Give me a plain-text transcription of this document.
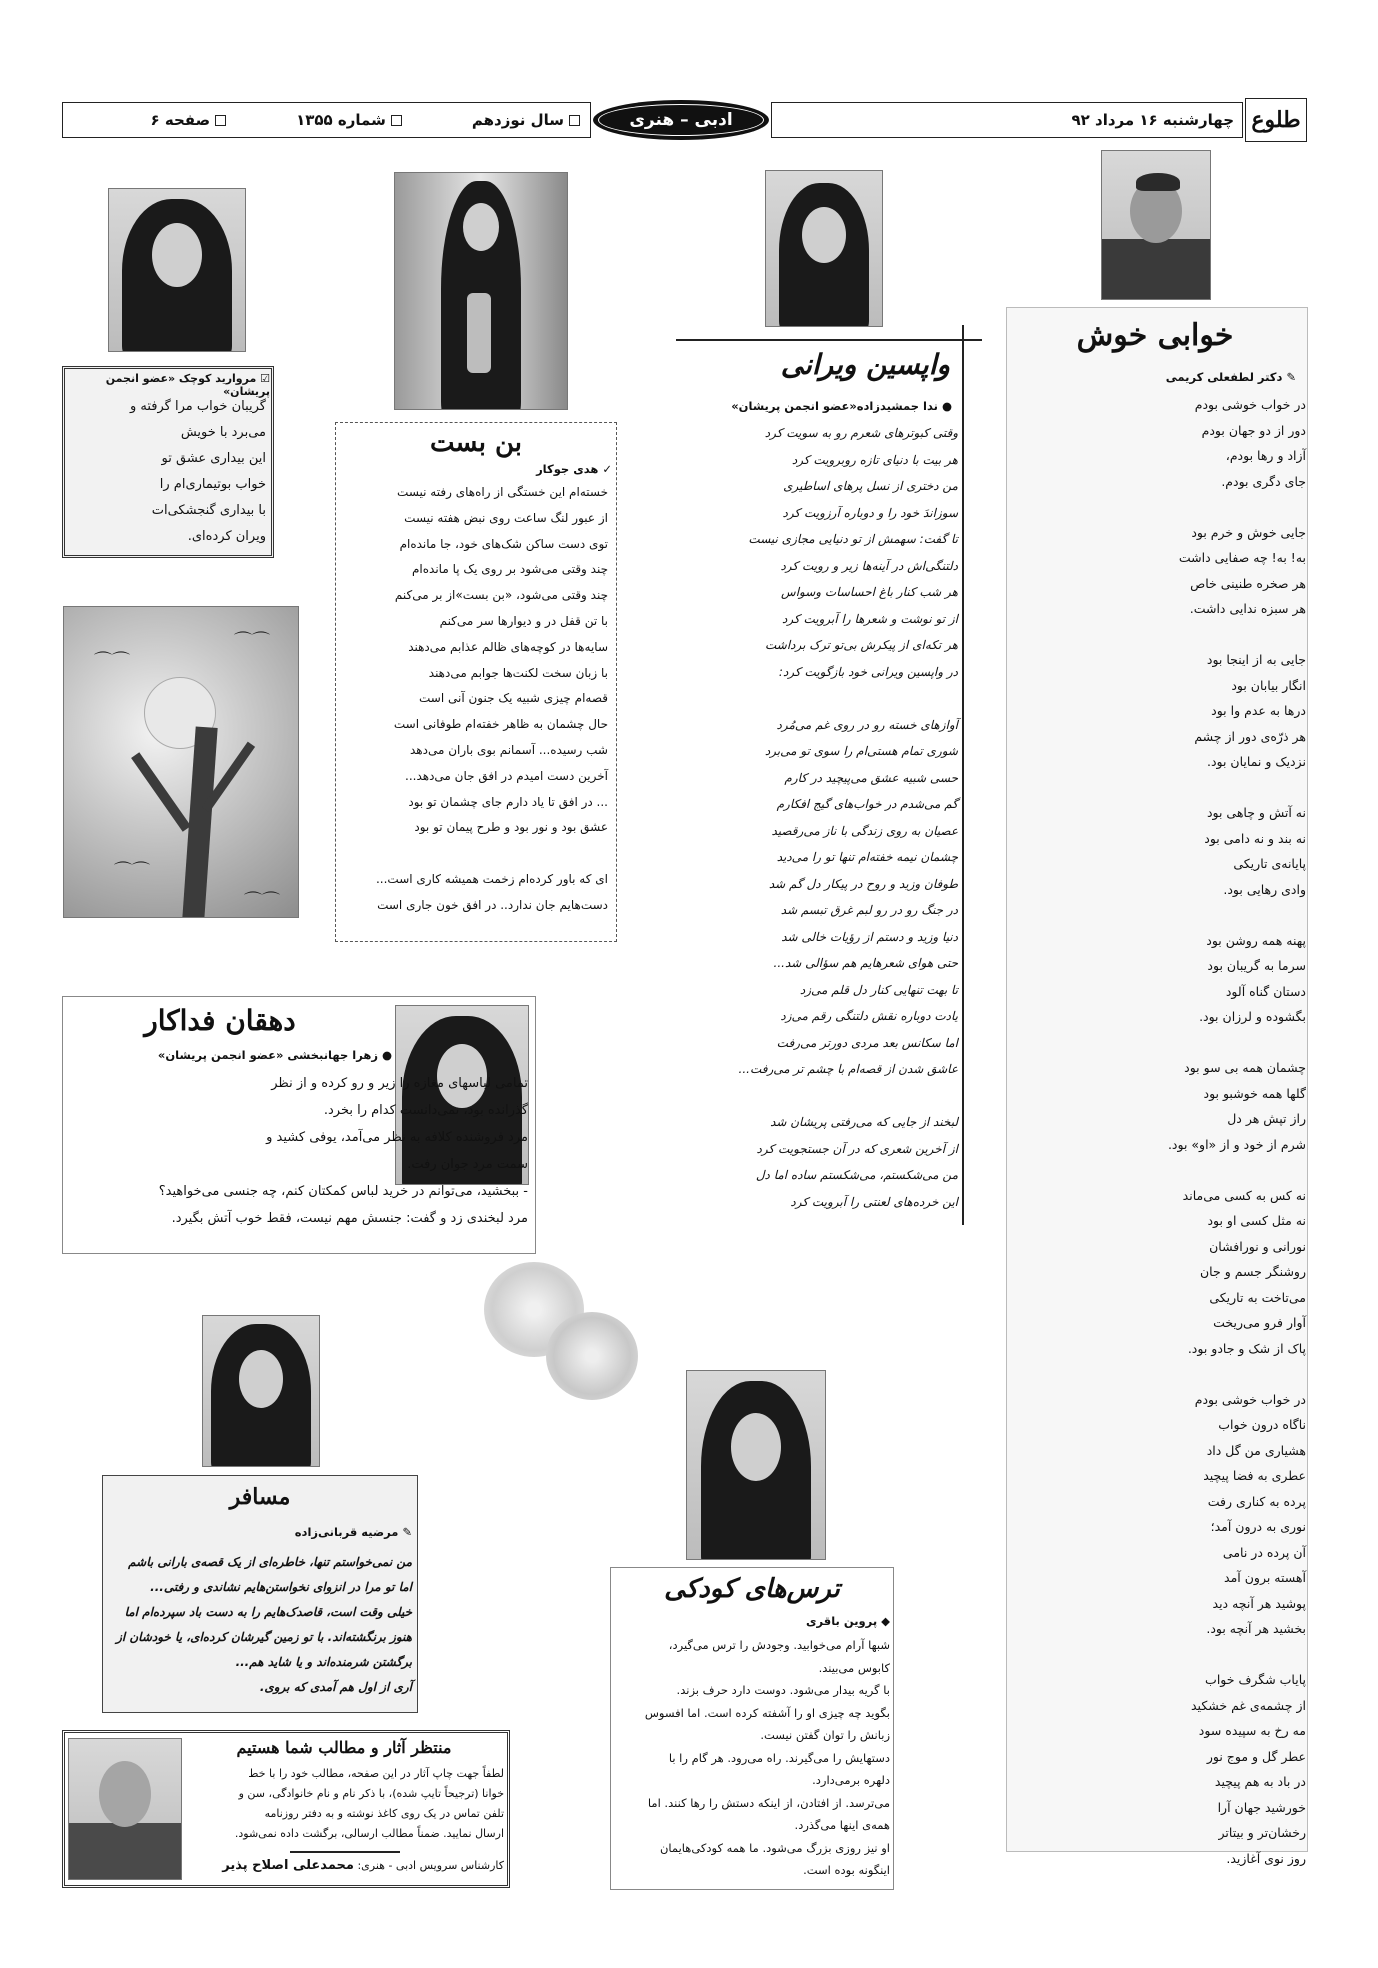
چهارشنبه ۱۶ مرداد ۹۲ طلوع
ادبی – هنری
سال نوزدهم
شماره ۱۳۵۵
صفحه ۶
⌒⌒
⌒⌒
⌒⌒
⌒⌒
خوابی خوش
✎ دکتر لطفعلی کریمی
در خواب خوشی بودم
دور از دو جهان بودم
آزاد و رها بودم،
جای دگری بودم.

جایی خوش و خرم بود
به! به! چه صفایی داشت
هر صخره طنینی خاص
هر سبزه ندایی داشت.

جایی به از اینجا بود
انگار بیابان بود
درها به عدم وا بود
هر ذرّه‌ی دور از چشم
نزدیک و نمایان بود.

نه آتش و چاهی بود
نه بند و نه دامی بود
پایانه‌ی تاریکی
وادی رهایی بود.

پهنه همه روشن بود
سرما به گریبان بود
دستان گناه آلود
بگشوده و لرزان بود.

چشمان همه بی سو بود
گلها همه خوشبو بود
راز تپش هر دل
شرم از خود و از «او» بود.

نه کس به کسی می‌ماند
نه مثل کسی او بود
نورانی و نورافشان
روشنگر جسم و جان
می‌تاخت به تاریکی
آوار فرو می‌ریخت
پاک از شک و جادو بود.

در خواب خوشی بودم
ناگاه درون خواب
هشیاری من گل داد
عطری به فضا پیچید
پرده به کناری رفت
نوری به درون آمد؛
آن پرده در نامی
آهسته برون آمد
پوشید هر آنچه دید
بخشید هر آنچه بود.

پایاب شگرف خواب
از چشمه‌ی غم خشکید
مه رخ به سپیده سود
عطر گل و موج نور
در باد به هم پیچید
خورشید جهان آرا
رخشان‌تر و بیتاتر
روز نوی آغازید.
واپسین ویرانی
● ندا جمشیدزاده«عضو انجمن پریشان»
وقتی کبوترهای شعرم رو به سویت کرد
هر بیت با دنیای تازه روبرویت کرد
من دختری از نسل پرهای اساطیری
سوزاندَ خود را و دوباره آرزویت کرد
تا گفت: سهمش از تو دنیایی مجازی نیست
دلتنگی‌اش در آینه‌ها زیر و رویت کرد
هر شب کنار باغ احساسات وسواس
از تو نوشت و شعرها را آبرویت کرد
هر تکه‌ای از پیکرش بی‌تو ترک برداشت
در واپسین ویرانی خود بازگویت کرد:

آوازهای خسته رو در روی غم می‌مُرد
شوری تمام هستی‌ام را سوی تو می‌برد
حسی شبیه عشق می‌پیچید در کارم
گم می‌شدم در خواب‌های گیج افکارم
عصیان به روی زندگی با ناز می‌رقصید
چشمان نیمه خفته‌ام تنها تو را می‌دید
طوفان وزید و روح در پیکار دل گم شد
در جنگ رو در رو لبم غرق تبسم شد
دنیا وزید و دستم از رؤیات خالی شد
حتی هوای شعرهایم هم سؤالی شد...
تا بهت تنهایی کنار دل قلم می‌زد
یادت دوباره نقش دلتنگی رقم می‌زد
اما سکانس بعد مردی دورتر می‌رفت
عاشق شدن از قصه‌ام با چشم تر می‌رفت...

لبخند از جایی که می‌رفتی پریشان شد
از آخرین شعری که در آن جستجویت کرد
من می‌شکستم، می‌شکستم ساده اما دل
این خرده‌های لعنتی را آبرویت کرد
بن بست
✓ هدی جوکار
خسته‌ام این خستگی از راه‌های رفته نیست
از عبور لنگ ساعت روی نبض هفته نیست
توی دست ساکن شک‌های خود، جا مانده‌ام
چند وقتی می‌شود بر روی یک پا مانده‌ام
چند وقتی می‌شود، «بن بست»از بر می‌کنم
با تن قفل در و دیوارها سر می‌کنم
سایه‌ها در کوچه‌های ظالم عذابم می‌دهند
با زبان سخت لکنت‌ها جوابم می‌دهند
قصه‌ام چیزی شبیه یک جنون آنی است
حال چشمان به ظاهر خفته‌ام طوفانی است
شب رسیده... آسمانم بوی باران می‌دهد
آخرین دست امیدم در افق جان می‌دهد...
... در افق تا یاد دارم جای چشمان تو بود
عشق بود و نور بود و طرح پیمان تو بود

ای که باور کرده‌ام زخمت همیشه کاری است...
دست‌هایم جان ندارد.. در افق خون جاری است
☑ مروارید کوچک «عضو انجمن پریشان»
گریبان خواب مرا گرفته و
می‌برد با خویش
این بیداری عشق تو
خواب بوتیماری‌ام را
با بیداری گنجشکی‌ات
ویران کرده‌ای.
دهقان فداکار
● زهرا جهانبخشی «عضو انجمن پریشان»
تمامی لباسهای مغازه را زیر و رو کرده و از نظر
گذرانده بود، نمی‌دانست کدام را بخرد.
مرد فروشنده کلافه به نظر می‌آمد، یوفی کشید و
سمت مرد جوان رفت.
- ببخشید، می‌توانم در خرید لباس کمکتان کنم، چه جنسی می‌خواهید؟
مرد لبخندی زد و گفت: جنسش مهم نیست، فقط خوب آتش بگیرد.
مسافر
✎ مرضیه قربانی‌زاده
من نمی‌خواستم تنها، خاطره‌ای از یک قصه‌ی بارانی باشم
اما تو مرا در انزوای نخواستن‌هایم نشاندی و رفتی...
خیلی وقت است، قاصدک‌هایم را به دست باد سپرده‌ام اما
هنوز برنگشته‌اند. با تو زمین گیرشان کرده‌ای، یا خودشان از
برگشتن شرمنده‌اند و یا شاید هم...
آری از اول هم آمدی که بروی.
ترس‌های کودکی
◆ پروین باقری
شبها آرام می‌خوابید. وجودش را ترس می‌گیرد،
کابوس می‌بیند.
با گریه بیدار می‌شود. دوست دارد حرف بزند.
بگوید چه چیزی او را آشفته کرده است. اما افسوس
زبانش را توان گفتن نیست.
دستهایش را می‌گیرند. راه می‌رود. هر گام را با
دلهره برمی‌دارد.
می‌ترسد. از افتادن، از اینکه دستش را رها کنند. اما
همه‌ی اینها می‌گذرد.
او نیز روزی بزرگ می‌شود. ما همه کودکی‌هایمان
اینگونه بوده است.
منتظر آثار و مطالب شما هستیم
لطفاً جهت چاپ آثار در این صفحه، مطالب خود را با خط
خوانا (ترجیحاً تایپ شده)، با ذکر نام و نام خانوادگی، سن و
تلفن تماس در یک روی کاغذ نوشته و به دفتر روزنامه
ارسال نمایید. ضمناً مطالب ارسالی، برگشت داده نمی‌شود.
کارشناس سرویس ادبی - هنری: محمدعلی اصلاح پذیر
